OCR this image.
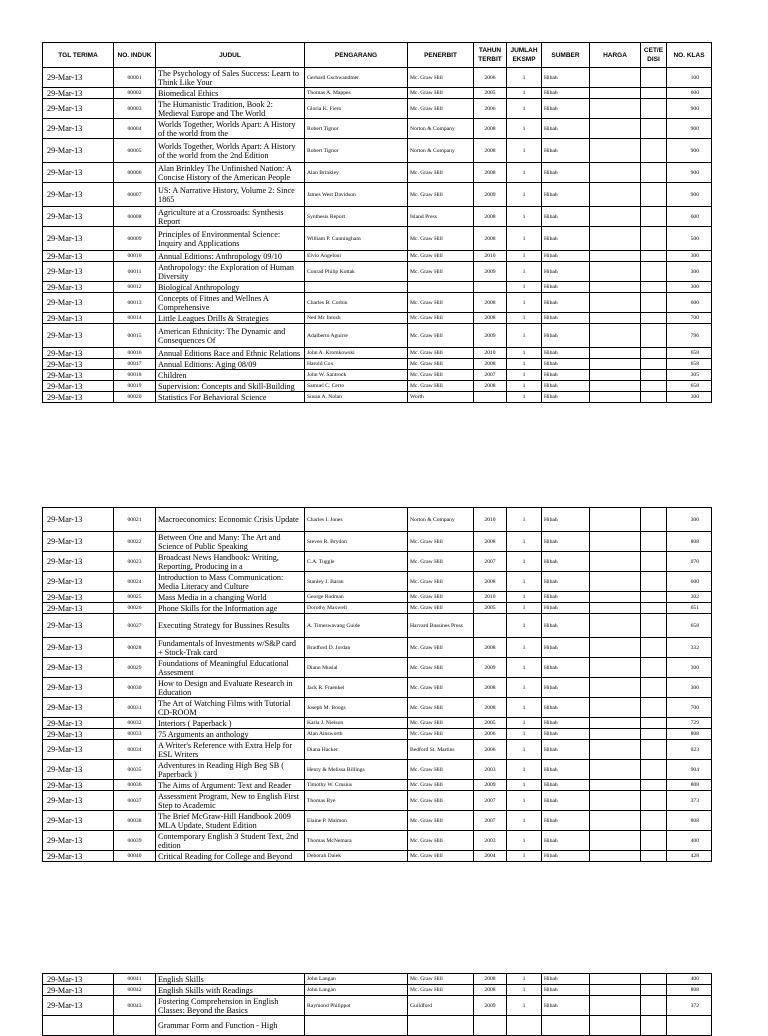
TGL TERIMA	NO. INDUK	JUDUL	PENGARANG	PENERBIT	TAHUN TERBIT	JUMLAH EKSMP	SUMBER	HARGA	CET/E DISI	NO. KLAS
29-Mar-13	00001	The Psychology of Sales Success: Learn to Think Like Your	Gerhard Gschwandtner	Mc. Graw Hill	2006	1	Hibah			100
29-Mar-13	00002	Biomedical Ethics	Thomas A. Mappes	Mc. Graw Hill	2005	1	Hibah			600
29-Mar-13	00003	The Humanistic Tradition, Book 2: Medieval Europe and The World	Gloria K. Fiero	Mc. Graw Hill	2006	1	Hibah			900
29-Mar-13	00004	Worlds Together, Worlds Apart: A History of the world from the	Robert Tignor	Norton & Company	2008	1	Hibah			900
29-Mar-13	00005	Worlds Together, Worlds Apart: A History of the world from the 2nd Edition	Robert Tignor	Norton & Company	2008	1	Hibah			900
29-Mar-13	00006	Alan Brinkley The Unfinished Nation: A Concise History of the American People	Alan Brinkley	Mc. Graw Hill	2008	1	Hibah			900
29-Mar-13	00007	US: A Narrative History, Volume 2: Since 1865	James West Davidson	Mc. Graw Hill	2009	1	Hibah			900
29-Mar-13	00008	Agriculture at a Crossroads: Synthesis Report	Synthesis Report	Island Press	2008	1	Hibah			600
29-Mar-13	00009	Principles of Environmental Science: Inquiry and Applications	William P. Cunningham	Mc. Graw Hill	2008	1	Hibah			500
29-Mar-13	00010	Annual Editions: Anthropology 09/10	Elvio Angeloni	Mc. Graw Hill	2010	1	Hibah			300
29-Mar-13	00011	Anthropology: the Exploration of Human Diversity	Conrad Philip Kottak	Mc. Graw Hill	2009	1	Hibah			300
29-Mar-13	00012	Biological Anthropology				1	Hibah			300
29-Mar-13	00013	Concepts of Fitnes and Wellnes A Comprehensive	Charles B. Corbin	Mc. Graw Hill	2008	1	Hibah			600
29-Mar-13	00014	Little Leagues Drills & Strategies	Ned Mc Intosh	Mc. Graw Hill	2008	1	Hibah			700
29-Mar-13	00015	American Ethnicity: The Dynamic and Consequences Of	Adalberto Aguirre	Mc. Graw Hill	2009	1	Hibah			796
29-Mar-13	00016	Annual Editions Race and Ethnic Relations	John A. Kromkowski	Mc. Graw Hill	2010	1	Hibah			658
29-Mar-13	00017	Annual Editions: Aging 08/09	Harold Cox	Mc. Graw Hill	2008	1	Hibah			658
29-Mar-13	00018	Children	John W. Santrock	Mc. Graw Hill	2007	1	Hibah			305
29-Mar-13	00019	Supervision: Concepts and Skill-Building	Samuel C. Certo	Mc. Graw Hill	2008	1	Hibah			658
29-Mar-13	00020	Statistics For Behavioral Science	Susan A. Nolan	Worth		1	Hibah			300
29-Mar-13	00021	Macroeconomics: Economic Crisis Update	Charles I. Jones	Norton & Company	2010	1	Hibah			300
29-Mar-13	00022	Between One and Many: The Art and Science of Public Speaking	Steven R. Brydon	Mc. Graw Hill	2008	1	Hibah			808
29-Mar-13	00023	Broadcast News Handbook: Writing, Reporting, Producing in a	C.A. Tuggle	Mc. Graw Hill	2007	1	Hibah			070
29-Mar-13	00024	Introduction to Mass Communication: Media Literacy and Culture	Stanley J. Baran	Mc. Graw Hill	2008	1	Hibah			600
29-Mar-13	00025	Mass Media in a changing World	George Rodman	Mc. Graw Hill	2010	1	Hibah			302
29-Mar-13	00026	Phone Skills for the Information age	Dorothy Maxwell	Mc. Graw Hill	2005	1	Hibah			651
29-Mar-13	00027	Executing Strategy for Bussines Results	A. Timeswavang Guide	Harvard Bussines Press		1	Hibah			658
29-Mar-13	00028	Fundamentals of Investments w/S&P card + Stock-Trak card	Bradford D. Jordan	Mc. Graw Hill	2008	1	Hibah			332
29-Mar-13	00029	Foundations of Meaningful Educational Assesment	Diann Musial	Mc. Graw Hill	2009	1	Hibah			300
29-Mar-13	00030	How to Design and Evaluate Research in Education	Jack R. Fraenkel	Mc. Graw Hill	2008	1	Hibah			300
29-Mar-13	00031	The Art of Watching Films with Tutorial CD-ROOM	Joseph M. Boogs	Mc. Graw Hill	2008	1	Hibah			700
29-Mar-13	00032	Interiors ( Paperback )	Karla J. Nielson	Mc. Graw Hill	2005	1	Hibah			729
29-Mar-13	00033	75 Arguments an anthology	Alan Ainsworth	Mc. Graw Hill	2006	1	Hibah			808
29-Mar-13	00034	A Writer's Reference with Extra Help for ESL Writers	Diana Hacker	Bedford St. Martins	2006	1	Hibah			023
29-Mar-13	00035	Adventures in Reading High Beg SB ( Paperback )	Henry & Melissa Billings	Mc. Graw Hill	2003	1	Hibah			904
29-Mar-13	00036	The Aims of Argument: Text and Reader	Timothy W. Crusius	Mc. Graw Hill	2009	1	Hibah			808
29-Mar-13	00037	Assessment Program, New to English First Step to Academic	Thomas Bye	Mc. Graw Hill	2007	1	Hibah			373
29-Mar-13	00038	The Brief McGraw-Hill Handbook 2009 MLA Update, Student Edition	Elaine P. Maimon	Mc. Graw Hill	2007	1	Hibah			808
29-Mar-13	00039	Contemporary English 3 Student Text, 2nd edition	Thomas McNemara	Mc. Graw Hill	2003	1	Hibah			400
29-Mar-13	00040	Critical Reading for College and Beyond	Deborah Daiek	Mc. Graw Hill	2004	1	Hibah			428
29-Mar-13	00041	English Skills	John Langan	Mc. Graw Hill	2008	1	Hibah			400
29-Mar-13	00042	English Skills with Readings	John Langan	Mc. Graw Hill	2008	1	Hibah			808
29-Mar-13	00043	Fostering Comprehension in English Classes: Beyond the Basics	Raymond Philippot	Guildford	2009	1	Hibah			372
		Grammar Form and Function - High								
